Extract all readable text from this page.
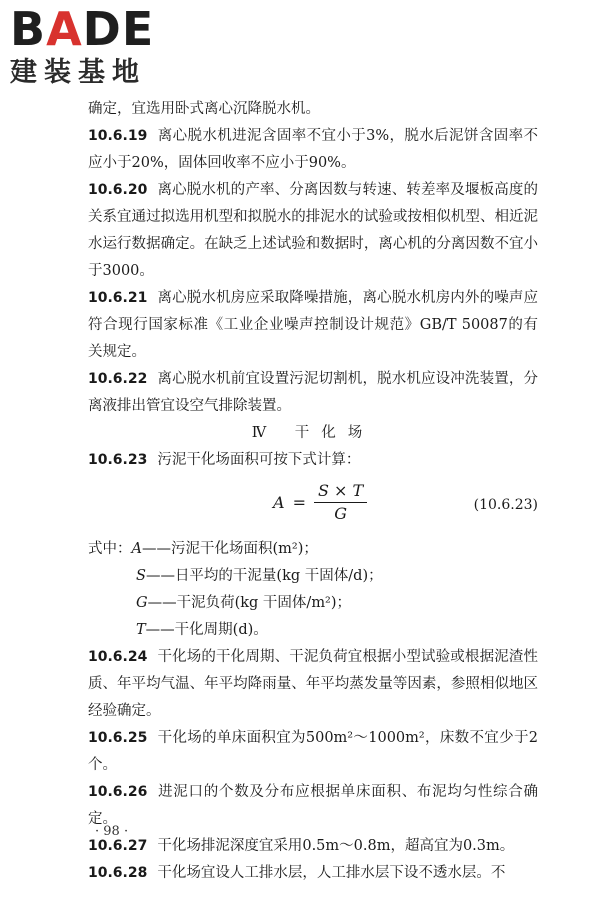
BADE
建装基地

确定，宜选用卧式离心沉降脱水机。

10.6.19 离心脱水机进泥含固率不宜小于3%，脱水后泥饼含固率不应小于20%，固体回收率不应小于90%。

10.6.20 离心脱水机的产率、分离因数与转速、转差率及堰板高度的关系宜通过拟选用机型和拟脱水的排泥水的试验或按相似机型、相近泥水运行数据确定。在缺乏上述试验和数据时，离心机的分离因数不宜小于3000。

10.6.21 离心脱水机房应采取降噪措施，离心脱水机房内外的噪声应符合现行国家标准《工业企业噪声控制设计规范》GB/T 50087的有关规定。

10.6.22 离心脱水机前宜设置污泥切割机，脱水机应设冲洗装置，分离液排出管宜设空气排除装置。

Ⅳ 干化场

10.6.23 污泥干化场面积可按下式计算：

$A = \frac{S \times T}{G}$	(10.6.23)

式中：A——污泥干化场面积(m²)；

S——日平均的干泥量(kg 干固体/d)；

G——干泥负荷(kg 干固体/m²)；

T——干化周期(d)。

10.6.24 干化场的干化周期、干泥负荷宜根据小型试验或根据泥渣性质、年平均气温、年平均降雨量、年平均蒸发量等因素，参照相似地区经验确定。

10.6.25 干化场的单床面积宜为500m²～1000m²，床数不宜少于2个。

10.6.26 进泥口的个数及分布应根据单床面积、布泥均匀性综合确定。

10.6.27 干化场排泥深度宜采用0.5m～0.8m，超高宜为0.3m。

10.6.28 干化场宜设人工排水层，人工排水层下设不透水层。不

· 98 ·
